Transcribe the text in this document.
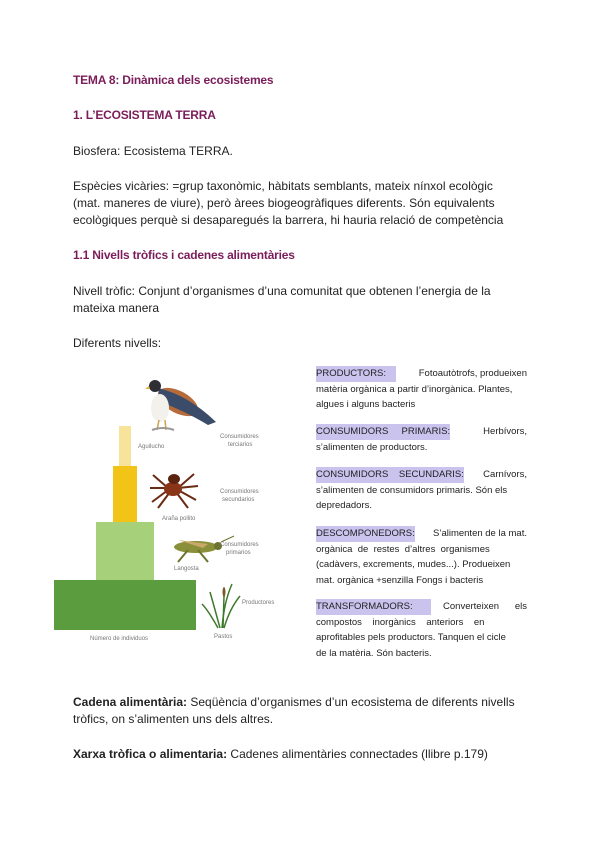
TEMA 8: Dinàmica dels ecosistemes
1. L’ECOSISTEMA TERRA
Biosfera: Ecosistema TERRA.
Espècies vicàries: =grup taxonòmic, hàbitats semblants, mateix nínxol ecològic
(mat. maneres de viure), però àrees biogeogràfiques diferents. Són equivalents
ecològiques perquè si desaparegués la barrera, hi hauria relació de competència
1.1 Nivells tròfics i cadenes alimentàries
Nivell tròfic: Conjunt d’organismes d’una comunitat que obtenen l’energia de la
mateixa manera
Diferents nivells:
Consumidores
terciarios
Consumidores
secundarios
Consumidores
primarios
Productores
Aguilucho
Araña pollito
Langosta
Pastos
Número de individuos
PRODUCTORS:	Fotoautòtrofs, produeixen
matèria orgànica a partir d’inorgànica. Plantes,
algues i alguns bacteris
CONSUMIDORS     PRIMARIS:	Herbívors,
s’alimenten de productors.
CONSUMIDORS    SECUNDARIS: Carnívors,
s’alimenten de consumidors primaris. Són els
depredadors.
DESCOMPONEDORS: S’alimenten de la mat.
orgànica  de  restes  d’altres  organismes
(cadàvers, excrements, mudes...). Produeixen
mat. orgànica +senzilla Fongs i bacteris
TRANSFORMADORS:	Converteixen      els
compostos    inorgànics    anteriors    en
aprofitables pels productors. Tanquen el cicle
de la matèria. Són bacteris.
Cadena alimentària: Seqüència d’organismes d’un ecosistema de diferents nivells
tròfics, on s’alimenten uns dels altres.
Xarxa tròfica o alimentaria: Cadenes alimentàries connectades (llibre p.179)
